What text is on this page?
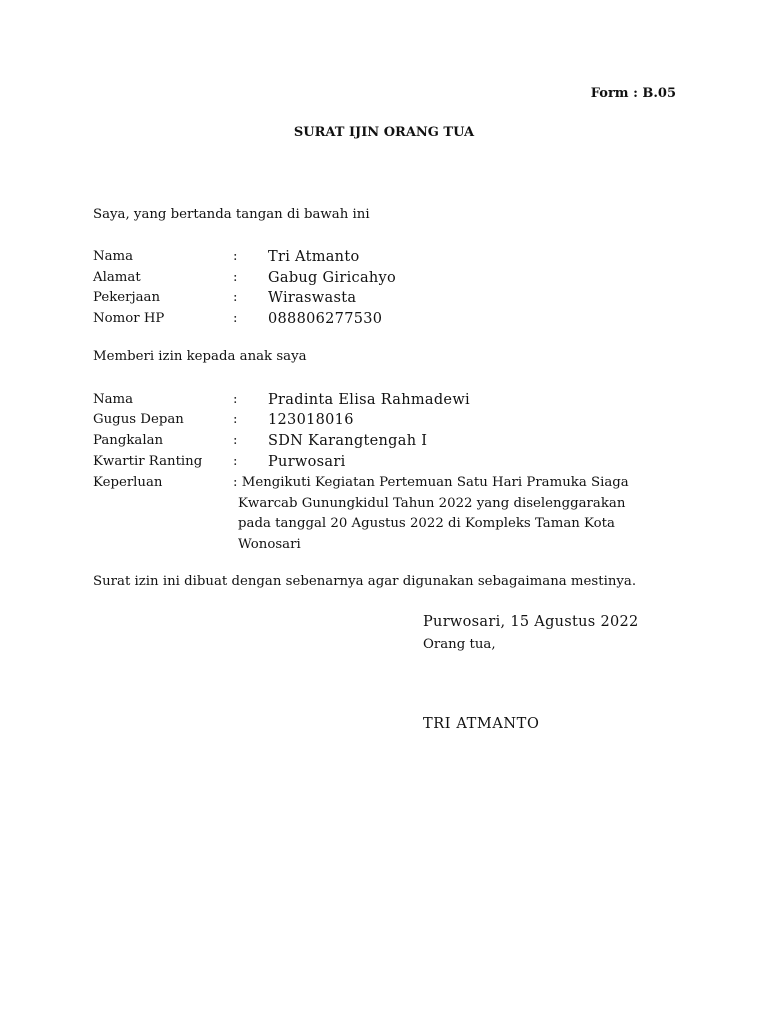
Form : B.05
SURAT IJIN ORANG TUA
Saya, yang bertanda tangan di bawah ini
Nama	: Tri Atmanto
Alamat	: Gabug Giricahyo
Pekerjaan	: Wiraswasta
Nomor HP	: 088806277530
Memberi izin kepada anak saya
Nama	: Pradinta Elisa Rahmadewi
Gugus Depan	: 123018016
Pangkalan	: SDN Karangtengah I
Kwartir Ranting : Purwosari
Keperluan	: Mengikuti Kegiatan Pertemuan Satu Hari Pramuka Siaga
Kwarcab Gunungkidul Tahun 2022 yang diselenggarakan
pada tanggal 20 Agustus 2022 di Kompleks Taman Kota
Wonosari
Surat izin ini dibuat dengan sebenarnya agar digunakan sebagaimana mestinya.
Purwosari, 15 Agustus 2022
Orang tua,
TRI ATMANTO
